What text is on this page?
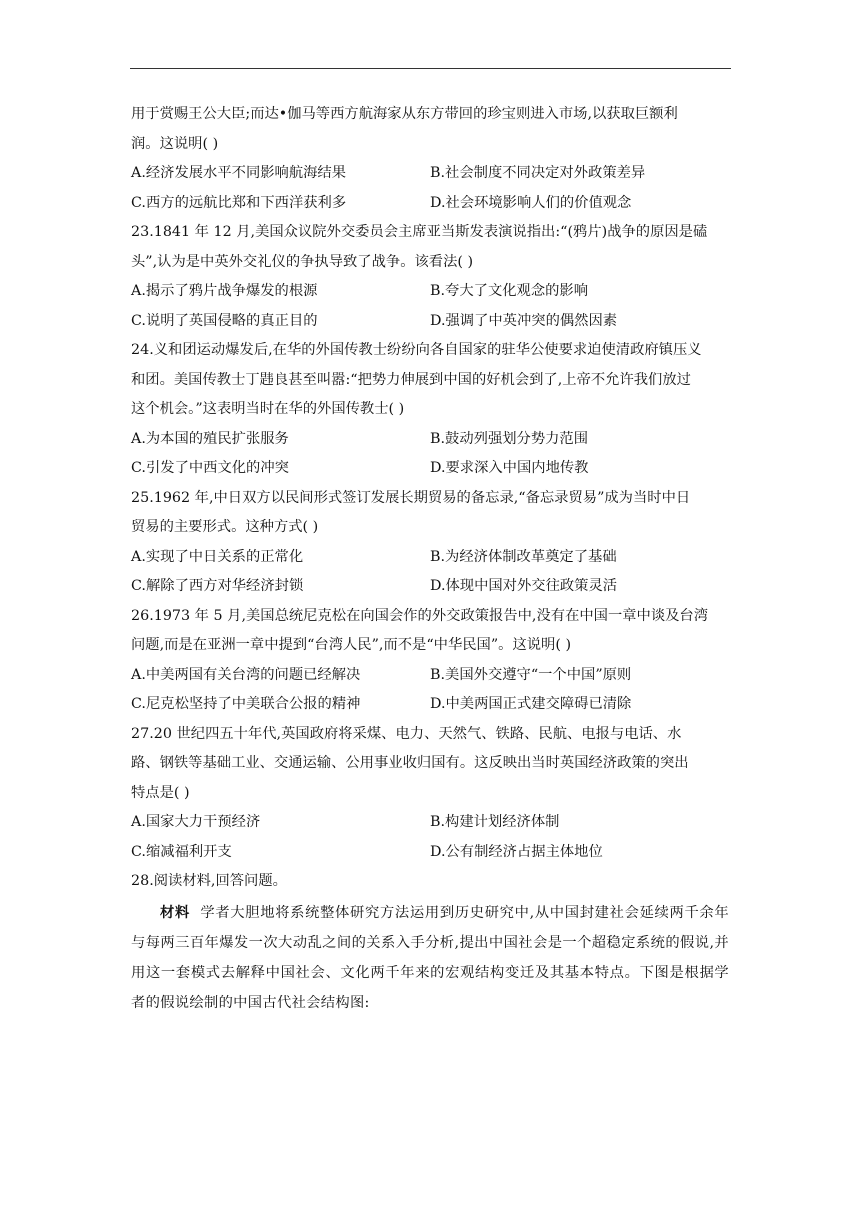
用于赏赐王公大臣;而达•伽马等西方航海家从东方带回的珍宝则进入市场,以获取巨额利
润。这说明( )
A.经济发展水平不同影响航海结果	B.社会制度不同决定对外政策差异
C.西方的远航比郑和下西洋获利多	D.社会环境影响人们的价值观念
23.1841 年 12 月,美国众议院外交委员会主席亚当斯发表演说指出:“(鸦片)战争的原因是磕
头”,认为是中英外交礼仪的争执导致了战争。该看法( )
A.揭示了鸦片战争爆发的根源	B.夸大了文化观念的影响
C.说明了英国侵略的真正目的	D.强调了中英冲突的偶然因素
24.义和团运动爆发后,在华的外国传教士纷纷向各自国家的驻华公使要求迫使清政府镇压义
和团。美国传教士丁韪良甚至叫嚣:“把势力伸展到中国的好机会到了,上帝不允许我们放过
这个机会。”这表明当时在华的外国传教士( )
A.为本国的殖民扩张服务	B.鼓动列强划分势力范围
C.引发了中西文化的冲突	D.要求深入中国内地传教
25.1962 年,中日双方以民间形式签订发展长期贸易的备忘录,“备忘录贸易”成为当时中日
贸易的主要形式。这种方式( )
A.实现了中日关系的正常化	B.为经济体制改革奠定了基础
C.解除了西方对华经济封锁	D.体现中国对外交往政策灵活
26.1973 年 5 月,美国总统尼克松在向国会作的外交政策报告中,没有在中国一章中谈及台湾
问题,而是在亚洲一章中提到“台湾人民”,而不是“中华民国”。这说明( )
A.中美两国有关台湾的问题已经解决	B.美国外交遵守“一个中国”原则
C.尼克松坚持了中美联合公报的精神	D.中美两国正式建交障碍已清除
27.20 世纪四五十年代,英国政府将采煤、电力、天然气、铁路、民航、电报与电话、水
路、钢铁等基础工业、交通运输、公用事业收归国有。这反映出当时英国经济政策的突出
特点是( )
A.国家大力干预经济	B.构建计划经济体制
C.缩减福利开支	D.公有制经济占据主体地位
28.阅读材料,回答问题。
材料 学者大胆地将系统整体研究方法运用到历史研究中,从中国封建社会延续两千余年与每两三百年爆发一次大动乱之间的关系入手分析,提出中国社会是一个超稳定系统的假说,并用这一套模式去解释中国社会、文化两千年来的宏观结构变迁及其基本特点。下图是根据学者的假说绘制的中国古代社会结构图:
